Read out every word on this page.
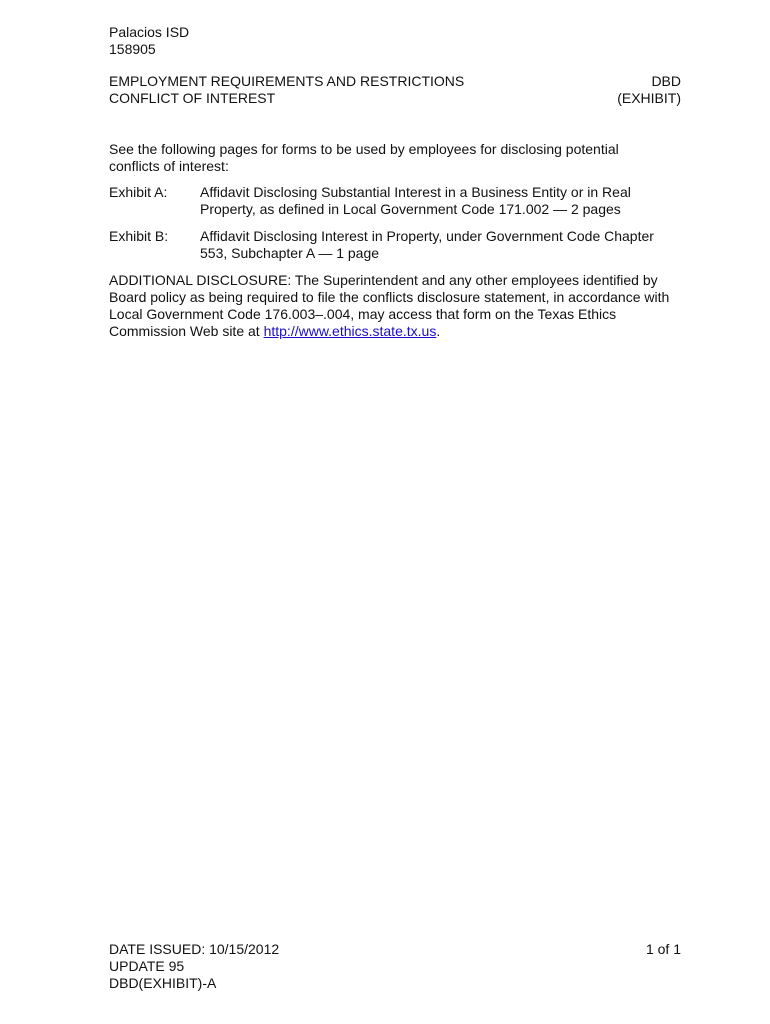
Palacios ISD
158905
EMPLOYMENT REQUIREMENTS AND RESTRICTIONS	DBD
CONFLICT OF INTEREST	(EXHIBIT)

See the following pages for forms to be used by employees for disclosing potential conflicts of interest:

Exhibit A:	Affidavit Disclosing Substantial Interest in a Business Entity or in Real Property, as defined in Local Government Code 171.002 — 2 pages
Exhibit B:	Affidavit Disclosing Interest in Property, under Government Code Chapter 553, Subchapter A — 1 page

ADDITIONAL DISCLOSURE: The Superintendent and any other employees identified by Board policy as being required to file the conflicts disclosure statement, in accordance with Local Government Code 176.003–.004, may access that form on the Texas Ethics Commission Web site at http://www.ethics.state.tx.us.

DATE ISSUED: 10/15/2012	1 of 1
UPDATE 95
DBD(EXHIBIT)-A
